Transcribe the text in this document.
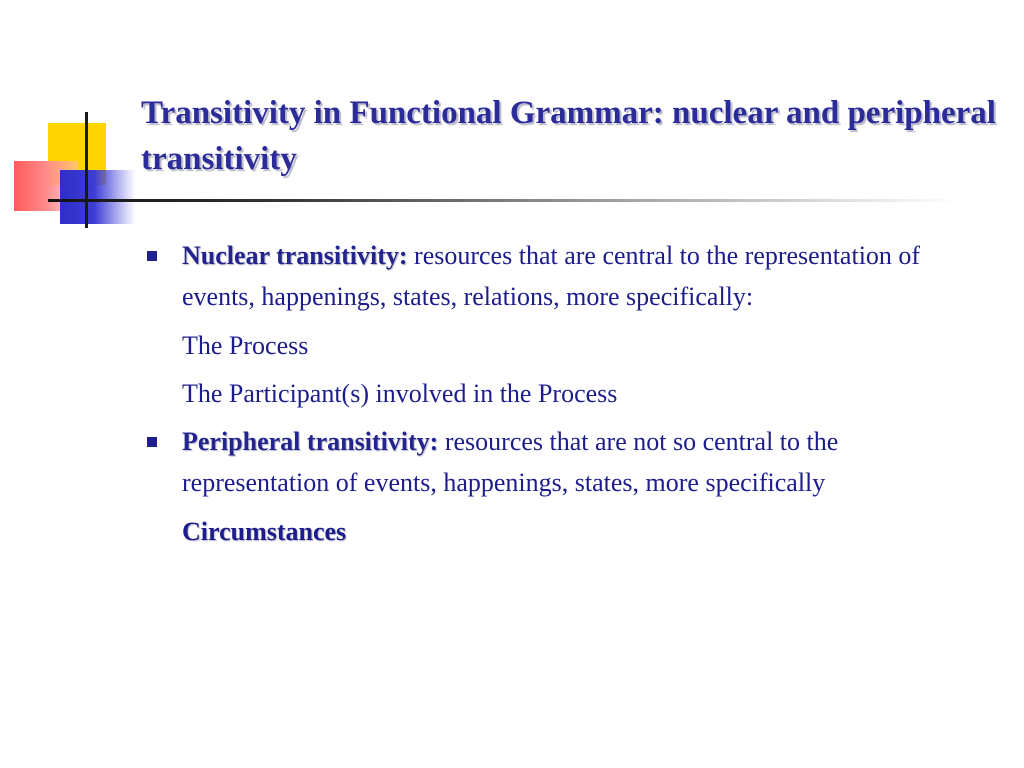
Transitivity in Functional Grammar: nuclear and peripheral transitivity
Nuclear transitivity: resources that are central to the representation of events, happenings, states, relations, more specifically:
The Process
The Participant(s) involved in the Process
Peripheral transitivity: resources that are not so central to the representation of events, happenings, states, more specifically
Circumstances
